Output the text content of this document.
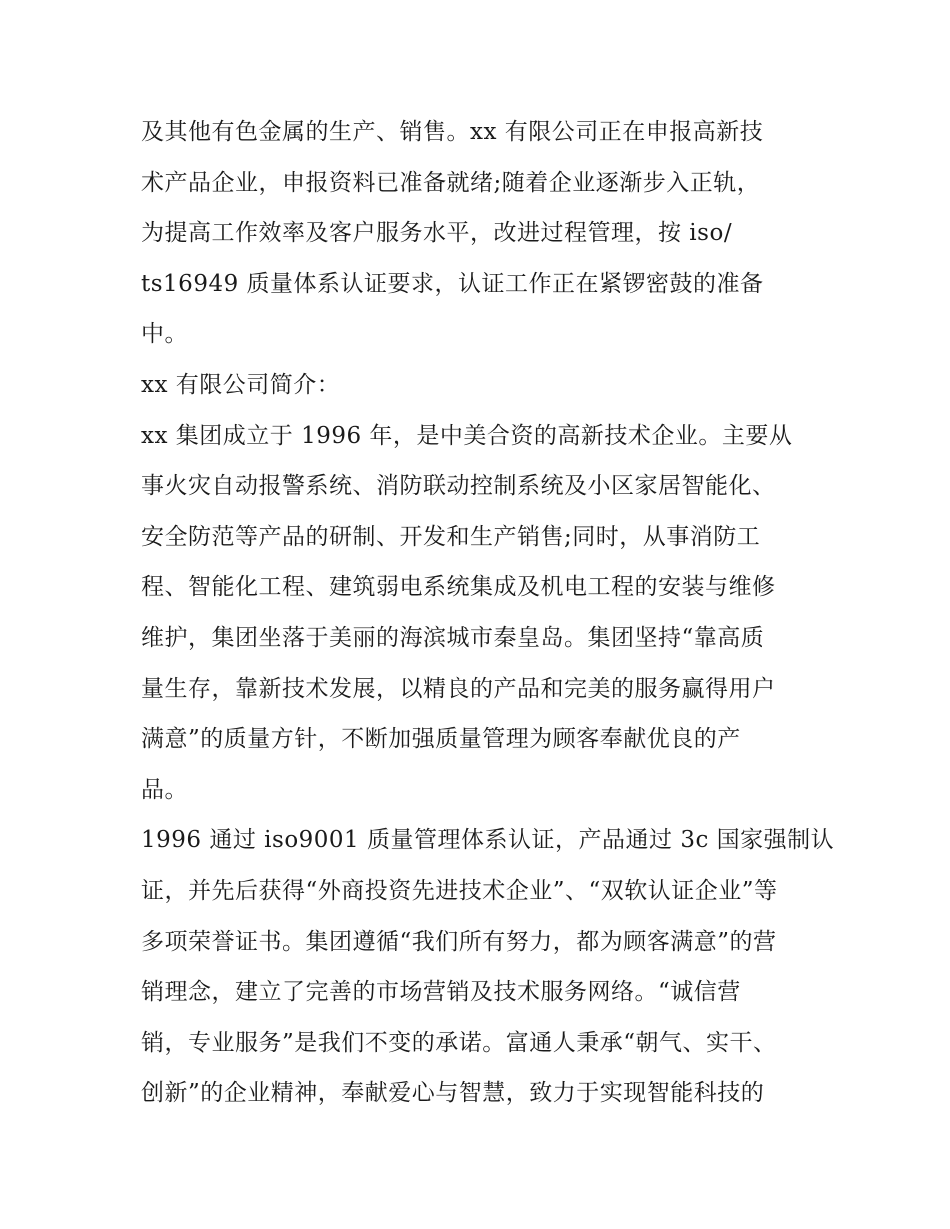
及其他有色金属的生产、销售。xx 有限公司正在申报高新技
术产品企业，申报资料已准备就绪;随着企业逐渐步入正轨，
为提高工作效率及客户服务水平，改进过程管理，按 iso/
ts16949 质量体系认证要求，认证工作正在紧锣密鼓的准备
中。
xx 有限公司简介：
xx 集团成立于 1996 年，是中美合资的高新技术企业。主要从
事火灾自动报警系统、消防联动控制系统及小区家居智能化、
安全防范等产品的研制、开发和生产销售;同时，从事消防工
程、智能化工程、建筑弱电系统集成及机电工程的安装与维修
维护，集团坐落于美丽的海滨城市秦皇岛。集团坚持“靠高质
量生存，靠新技术发展，以精良的产品和完美的服务赢得用户
满意”的质量方针，不断加强质量管理为顾客奉献优良的产
品。
1996 通过 iso9001 质量管理体系认证，产品通过 3c 国家强制认
证，并先后获得“外商投资先进技术企业”、“双软认证企业”等
多项荣誉证书。集团遵循“我们所有努力，都为顾客满意”的营
销理念，建立了完善的市场营销及技术服务网络。“诚信营
销，专业服务”是我们不变的承诺。富通人秉承“朝气、实干、
创新”的企业精神，奉献爱心与智慧，致力于实现智能科技的
